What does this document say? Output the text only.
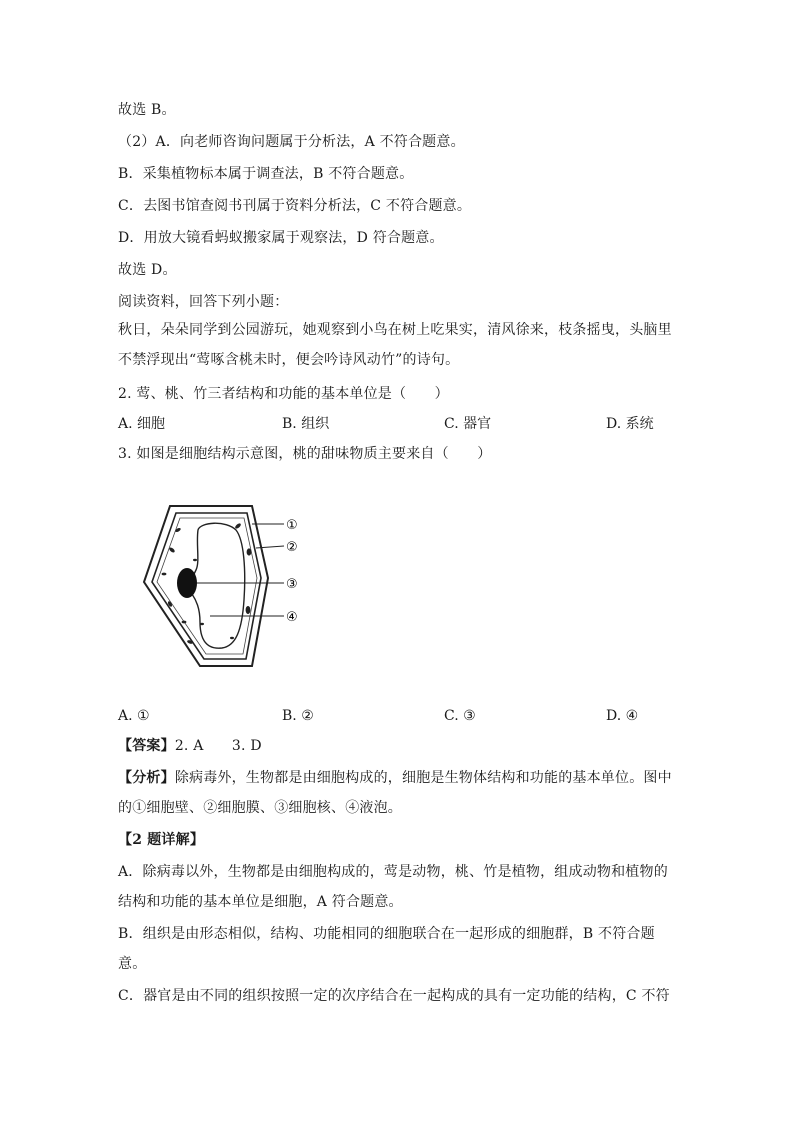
故选 B。
（2）A．向老师咨询问题属于分析法，A 不符合题意。
B．采集植物标本属于调查法，B 不符合题意。
C．去图书馆查阅书刊属于资料分析法，C 不符合题意。
D．用放大镜看蚂蚁搬家属于观察法，D 符合题意。
故选 D。
阅读资料，回答下列小题：
秋日，朵朵同学到公园游玩，她观察到小鸟在树上吃果实，清风徐来，枝条摇曳，头脑里
不禁浮现出“莺啄含桃未时，便会吟诗风动竹”的诗句。
2. 莺、桃、竹三者结构和功能的基本单位是（　　）
A. 细胞	B. 组织	C. 器官	D. 系统
3. 如图是细胞结构示意图，桃的甜味物质主要来自（　　）
①
②
③
④
A. ①	B. ②	C. ③	D. ④
【答案】2. A　　3. D
【分析】除病毒外，生物都是由细胞构成的，细胞是生物体结构和功能的基本单位。图中
的①细胞壁、②细胞膜、③细胞核、④液泡。
【2 题详解】
A．除病毒以外，生物都是由细胞构成的，莺是动物，桃、竹是植物，组成动物和植物的
结构和功能的基本单位是细胞，A 符合题意。
B．组织是由形态相似，结构、功能相同的细胞联合在一起形成的细胞群，B 不符合题
意。
C．器官是由不同的组织按照一定的次序结合在一起构成的具有一定功能的结构，C 不符
